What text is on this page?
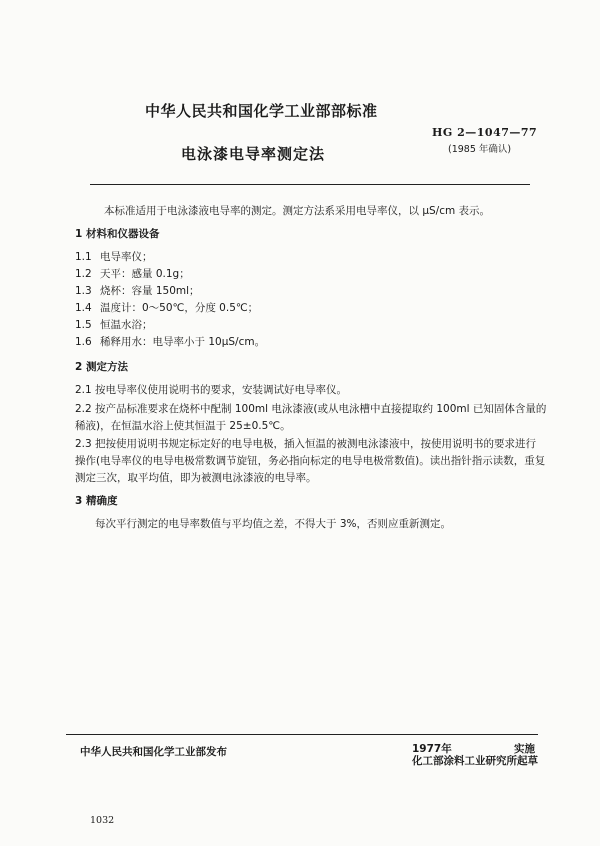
中华人民共和国化学工业部部标准
电泳漆电导率测定法
HG 2—1047—77
(1985 年确认)
本标准适用于电泳漆液电导率的测定。测定方法系采用电导率仪，以 μS/cm 表示。
1 材料和仪器设备
1.1 电导率仪；
1.2 天平：感量 0.1g；
1.3 烧杯：容量 150ml；
1.4 温度计：0～50℃，分度 0.5℃；
1.5 恒温水浴；
1.6 稀释用水：电导率小于 10μS/cm。
2 测定方法
2.1 按电导率仪使用说明书的要求，安装调试好电导率仪。
2.2 按产品标准要求在烧杯中配制 100ml 电泳漆液(或从电泳槽中直接提取约 100ml 已知固体含量的
稀液)，在恒温水浴上使其恒温于 25±0.5℃。
2.3 把按使用说明书规定标定好的电导电极，插入恒温的被测电泳漆液中，按使用说明书的要求进行
操作(电导率仪的电导电极常数调节旋钮，务必指向标定的电导电极常数值)。读出指针指示读数，重复
测定三次，取平均值，即为被测电泳漆液的电导率。
3 精确度
每次平行测定的电导率数值与平均值之差，不得大于 3%，否则应重新测定。
中华人民共和国化学工业部发布	1977年	实施
化工部涂料工业研究所起草
1032
